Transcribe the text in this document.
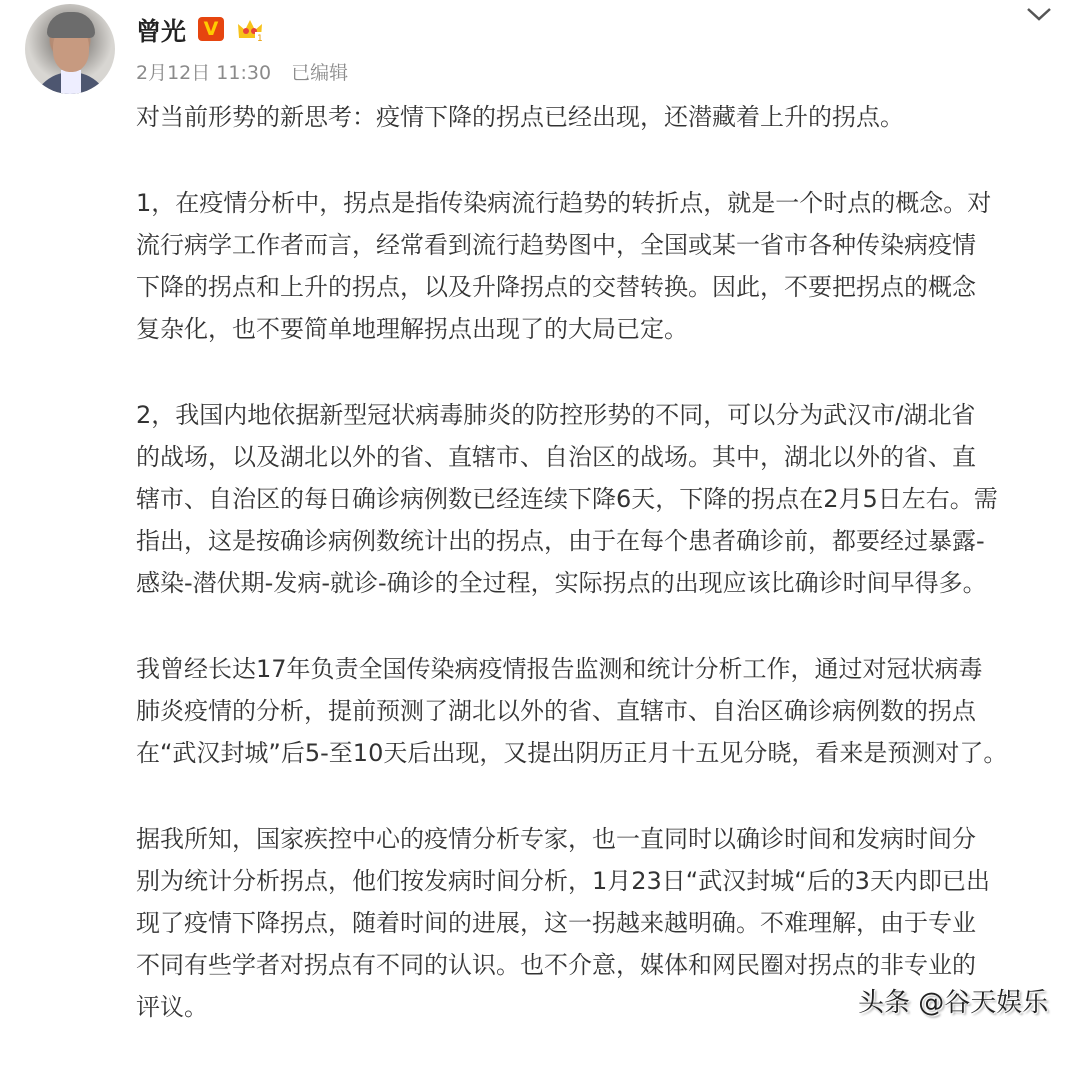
曾光 V	1
2月12日 11:30 已编辑
对当前形势的新思考：疫情下降的拐点已经出现，还潜藏着上升的拐点。
1，在疫情分析中，拐点是指传染病流行趋势的转折点，就是一个时点的概念。对
流行病学工作者而言，经常看到流行趋势图中，全国或某一省市各种传染病疫情
下降的拐点和上升的拐点，以及升降拐点的交替转换。因此，不要把拐点的概念
复杂化，也不要简单地理解拐点出现了的大局已定。
2，我国内地依据新型冠状病毒肺炎的防控形势的不同，可以分为武汉市/湖北省
的战场，以及湖北以外的省、直辖市、自治区的战场。其中，湖北以外的省、直
辖市、自治区的每日确诊病例数已经连续下降6天，下降的拐点在2月5日左右。需
指出，这是按确诊病例数统计出的拐点，由于在每个患者确诊前，都要经过暴露-
感染-潜伏期-发病-就诊-确诊的全过程，实际拐点的出现应该比确诊时间早得多。
我曾经长达17年负责全国传染病疫情报告监测和统计分析工作，通过对冠状病毒
肺炎疫情的分析，提前预测了湖北以外的省、直辖市、自治区确诊病例数的拐点
在“武汉封城”后5-至10天后出现，又提出阴历正月十五见分晓，看来是预测对了。
据我所知，国家疾控中心的疫情分析专家，也一直同时以确诊时间和发病时间分
别为统计分析拐点，他们按发病时间分析，1月23日“武汉封城“后的3天内即已出
现了疫情下降拐点，随着时间的进展，这一拐越来越明确。不难理解，由于专业
不同有些学者对拐点有不同的认识。也不介意，媒体和网民圈对拐点的非专业的
评议。	头条 @谷天娱乐
